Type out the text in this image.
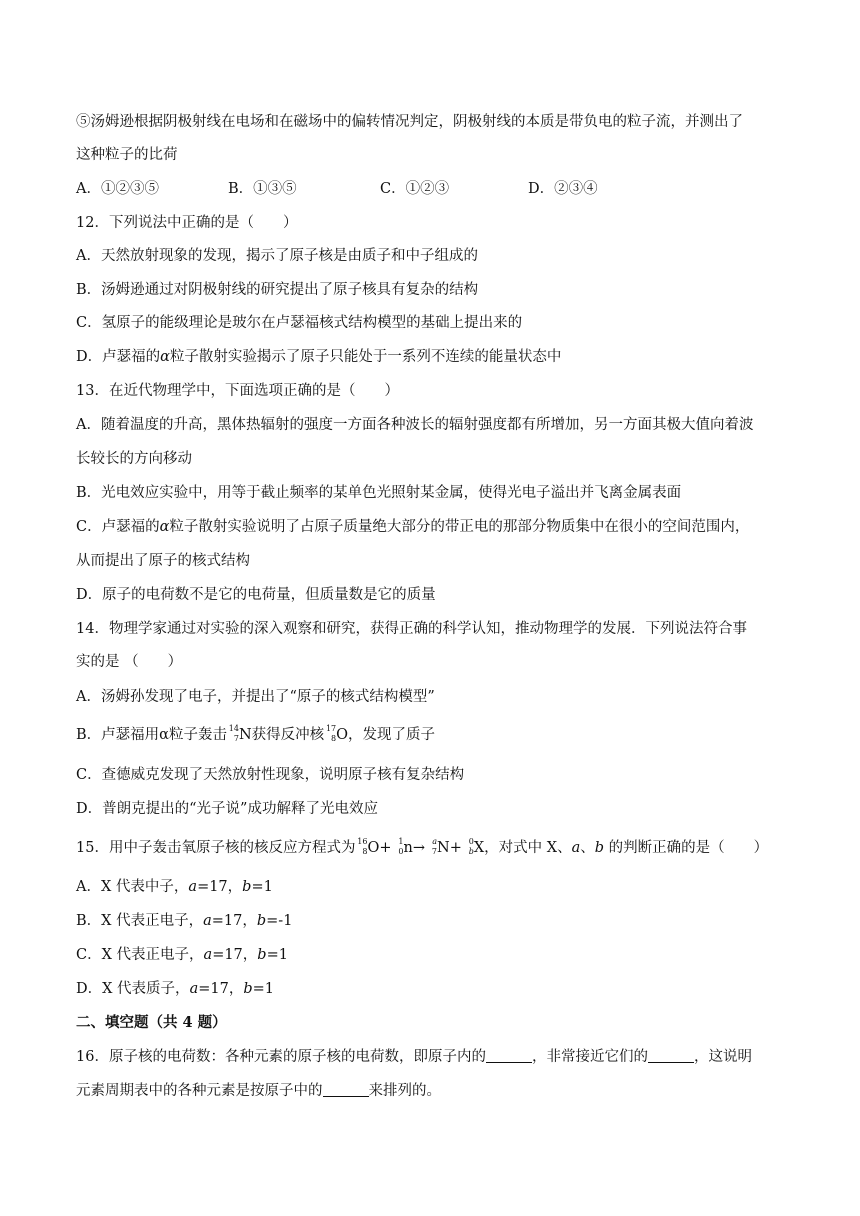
⑤汤姆逊根据阴极射线在电场和在磁场中的偏转情况判定，阴极射线的本质是带负电的粒子流，并测出了
这种粒子的比荷
A．①②③⑤	B．①③⑤	C．①②③	D．②③④
12．下列说法中正确的是（　　）
A．天然放射现象的发现，揭示了原子核是由质子和中子组成的
B．汤姆逊通过对阴极射线的研究提出了原子核具有复杂的结构
C．氢原子的能级理论是玻尔在卢瑟福核式结构模型的基础上提出来的
D．卢瑟福的α粒子散射实验揭示了原子只能处于一系列不连续的能量状态中
13．在近代物理学中，下面选项正确的是（　　）
A．随着温度的升高，黑体热辐射的强度一方面各种波长的辐射强度都有所增加，另一方面其极大值向着波
长较长的方向移动
B．光电效应实验中，用等于截止频率的某单色光照射某金属，使得光电子溢出并飞离金属表面
C．卢瑟福的α粒子散射实验说明了占原子质量绝大部分的带正电的那部分物质集中在很小的空间范围内，
从而提出了原子的核式结构
D．原子的电荷数不是它的电荷量，但质量数是它的质量
14．物理学家通过对实验的深入观察和研究，获得正确的科学认知，推动物理学的发展．下列说法符合事
实的是 （　　）
A．汤姆孙发现了电子，并提出了“原子的核式结构模型”
B．卢瑟福用α粒子轰击 14
7 N获得反冲核 17
8 O，发现了质子
C．查德威克发现了天然放射性现象，说明原子核有复杂结构
D．普朗克提出的“光子说”成功解释了光电效应
15．用中子轰击氧原子核的核反应方程式为 16
8 O+ 1
0 n→ a
7 N+ 0
b X，对式中 X、a、b 的判断正确的是（　　）
A．X 代表中子，a=17，b=1
B．X 代表正电子，a=17，b=-1
C．X 代表正电子，a=17，b=1
D．X 代表质子，a=17，b=1
二、填空题（共 4 题）
16．原子核的电荷数：各种元素的原子核的电荷数，即原子内的	，非常接近它们的	，这说明
元素周期表中的各种元素是按原子中的	来排列的。
